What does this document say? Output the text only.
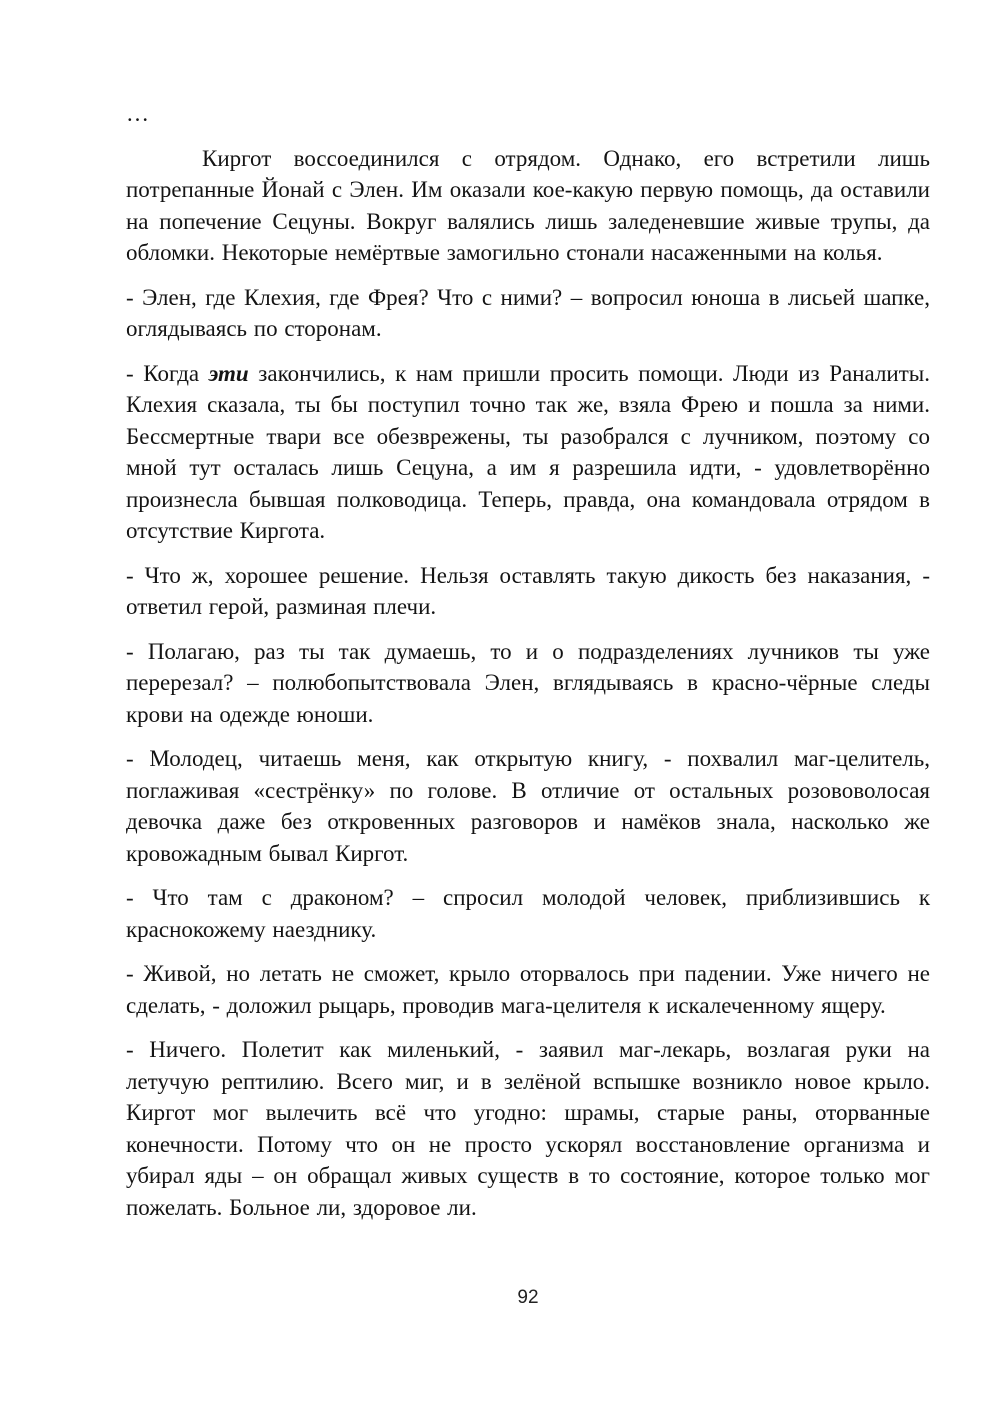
…

Киргот воссоединился с отрядом. Однако, его встретили лишь потрепанные Йонай с Элен. Им оказали кое-какую первую помощь, да оставили на попечение Сецуны. Вокруг валялись лишь заледеневшие живые трупы, да обломки. Некоторые немёртвые замогильно стонали насаженными на колья.

- Элен, где Клехия, где Фрея? Что с ними? – вопросил юноша в лисьей шапке, оглядываясь по сторонам.

- Когда эти закончились, к нам пришли просить помощи. Люди из Раналиты. Клехия сказала, ты бы поступил точно так же, взяла Фрею и пошла за ними. Бессмертные твари все обезврежены, ты разобрался с лучником, поэтому со мной тут осталась лишь Сецуна, а им я разрешила идти, - удовлетворённо произнесла бывшая полководица. Теперь, правда, она командовала отрядом в отсутствие Киргота.

- Что ж, хорошее решение. Нельзя оставлять такую дикость без наказания, - ответил герой, разминая плечи.

- Полагаю, раз ты так думаешь, то и о подразделениях лучников ты уже перерезал? – полюбопытствовала Элен, вглядываясь в красно-чёрные следы крови на одежде юноши.

- Молодец, читаешь меня, как открытую книгу, - похвалил маг-целитель, поглаживая «сестрёнку» по голове. В отличие от остальных розововолосая девочка даже без откровенных разговоров и намёков знала, насколько же кровожадным бывал Киргот.

- Что там с драконом? – спросил молодой человек, приблизившись к краснокожему наезднику.

- Живой, но летать не сможет, крыло оторвалось при падении. Уже ничего не сделать, - доложил рыцарь, проводив мага-целителя к искалеченному ящеру.

- Ничего. Полетит как миленький, - заявил маг-лекарь, возлагая руки на летучую рептилию. Всего миг, и в зелёной вспышке возникло новое крыло. Киргот мог вылечить всё что угодно: шрамы, старые раны, оторванные конечности. Потому что он не просто ускорял восстановление организма и убирал яды – он обращал живых существ в то состояние, которое только мог пожелать. Больное ли, здоровое ли.

92
